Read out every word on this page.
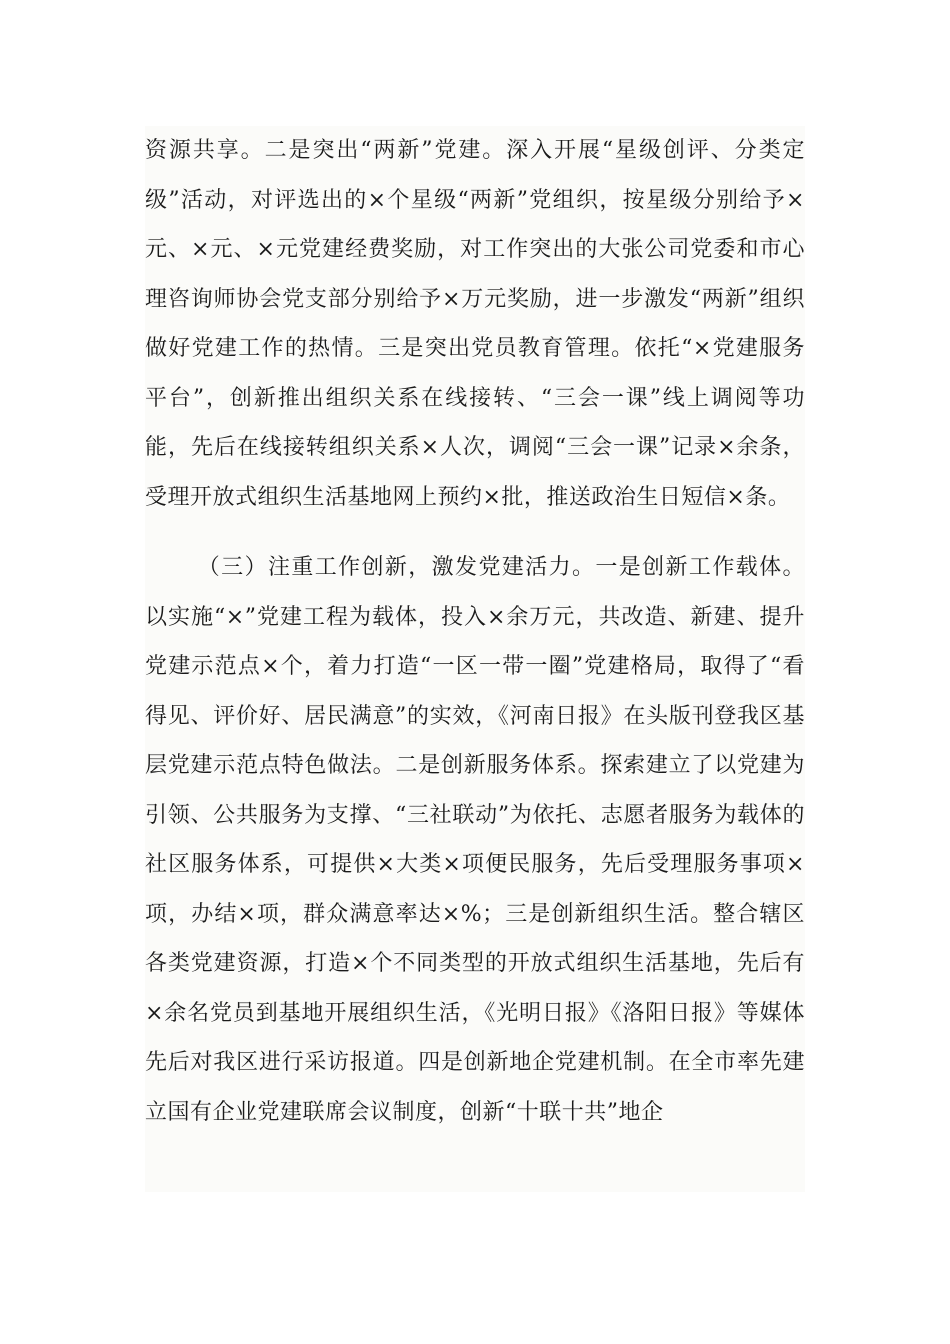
资源共享。二是突出“两新”党建。深入开展“星级创评、分类定级”活动，对评选出的×个星级“两新”党组织，按星级分别给予×元、×元、×元党建经费奖励，对工作突出的大张公司党委和市心理咨询师协会党支部分别给予×万元奖励，进一步激发“两新”组织做好党建工作的热情。三是突出党员教育管理。依托“×党建服务平台”，创新推出组织关系在线接转、“三会一课”线上调阅等功能，先后在线接转组织关系×人次，调阅“三会一课”记录×余条，受理开放式组织生活基地网上预约×批，推送政治生日短信×条。

（三）注重工作创新，激发党建活力。一是创新工作载体。以实施“×”党建工程为载体，投入×余万元，共改造、新建、提升党建示范点×个，着力打造“一区一带一圈”党建格局，取得了“看得见、评价好、居民满意”的实效，《河南日报》在头版刊登我区基层党建示范点特色做法。二是创新服务体系。探索建立了以党建为引领、公共服务为支撑、“三社联动”为依托、志愿者服务为载体的社区服务体系，可提供×大类×项便民服务，先后受理服务事项×项，办结×项，群众满意率达×%；三是创新组织生活。整合辖区各类党建资源，打造×个不同类型的开放式组织生活基地，先后有×余名党员到基地开展组织生活，《光明日报》《洛阳日报》等媒体先后对我区进行采访报道。四是创新地企党建机制。在全市率先建立国有企业党建联席会议制度，创新“十联十共”地企
